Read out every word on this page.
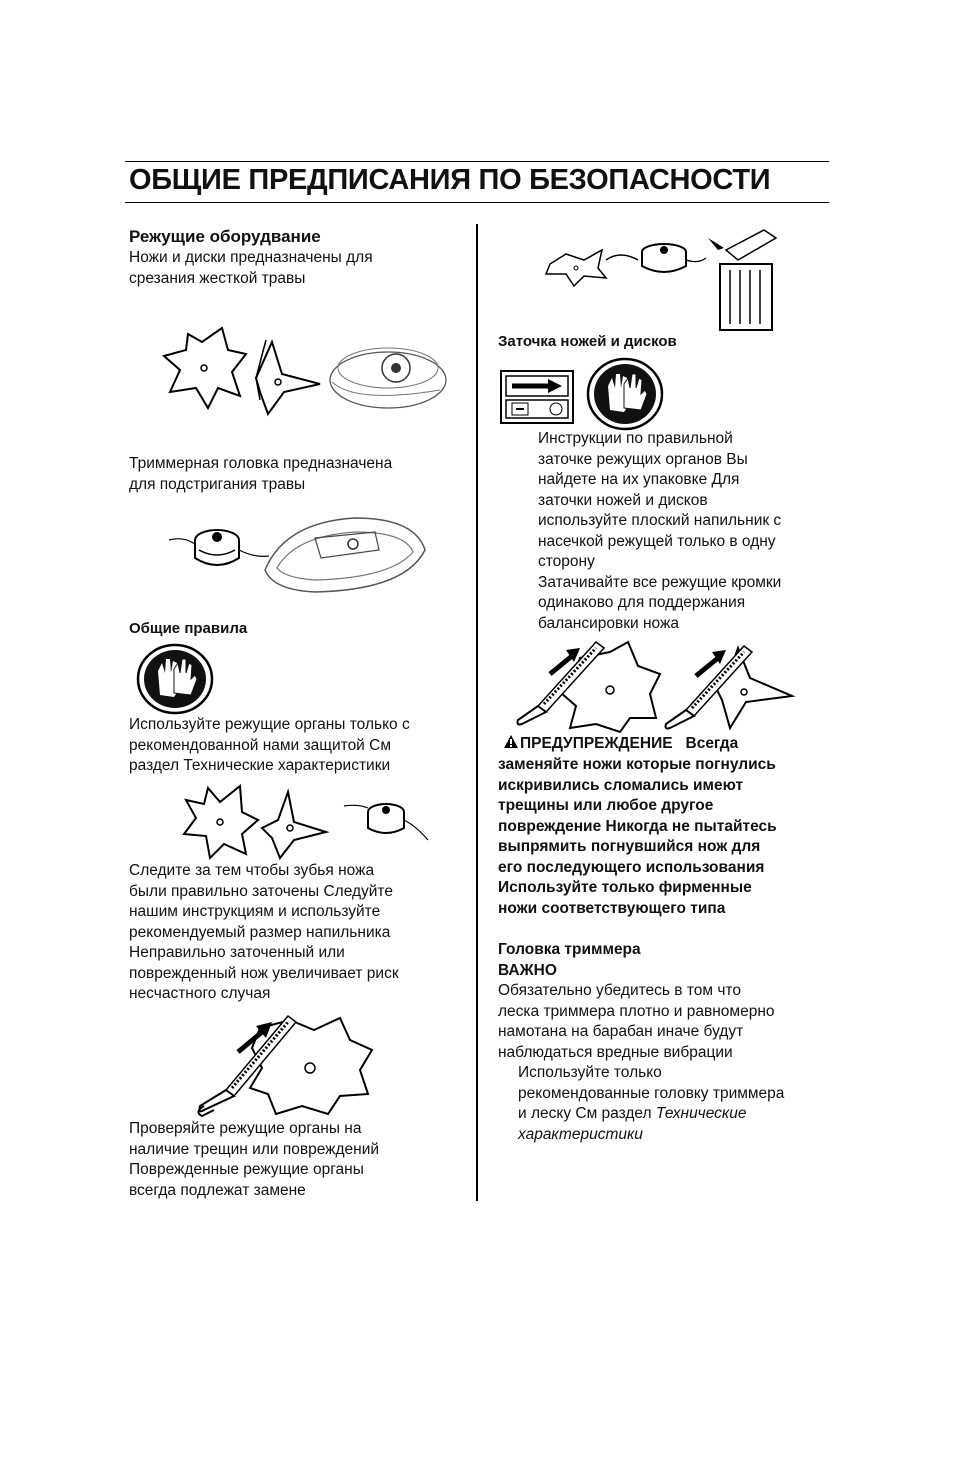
ОБЩИЕ ПРЕДПИСАНИЯ ПО БЕЗОПАСНОСТИ
Режущие оборудвание
Ножи и диски предназначены для
срезания жесткой травы
Триммерная головка предназначена
для подстригания травы
Общие правила
Используйте режущие органы только с
рекомендованной нами защитой См
раздел Технические характеристики
Следите за тем чтобы зубья ножа
были правильно заточены Следуйте
нашим инструкциям и используйте
рекомендуемый размер напильника
Неправильно заточенный или
поврежденный нож увеличивает риск
несчастного случая
Проверяйте режущие органы на
наличие трещин или повреждений
Поврежденные режущие органы
всегда подлежат замене
Заточка ножей и дисков
Инструкции по правильной
заточке режущих органов Вы
найдете на их упаковке Для
заточки ножей и дисков
используйте плоский напильник с
насечкой режущей только в одну
сторону
Затачивайте все режущие кромки
одинаково для поддержания
балансировки ножа
ПРЕДУПРЕЖДЕНИЕ Всегда
заменяйте ножи которые погнулись
искривились сломались имеют
трещины или любое другое
повреждение Никогда не пытайтесь
выпрямить погнувшийся нож для
его последующего использования
Используйте только фирменные
ножи соответствующего типа
Головка триммера
ВАЖНО
Обязательно убедитесь в том что
леска триммера плотно и равномерно
намотана на барабан иначе будут
наблюдаться вредные вибрации
Используйте только
рекомендованные головку триммера
и леску См раздел Технические
характеристики
